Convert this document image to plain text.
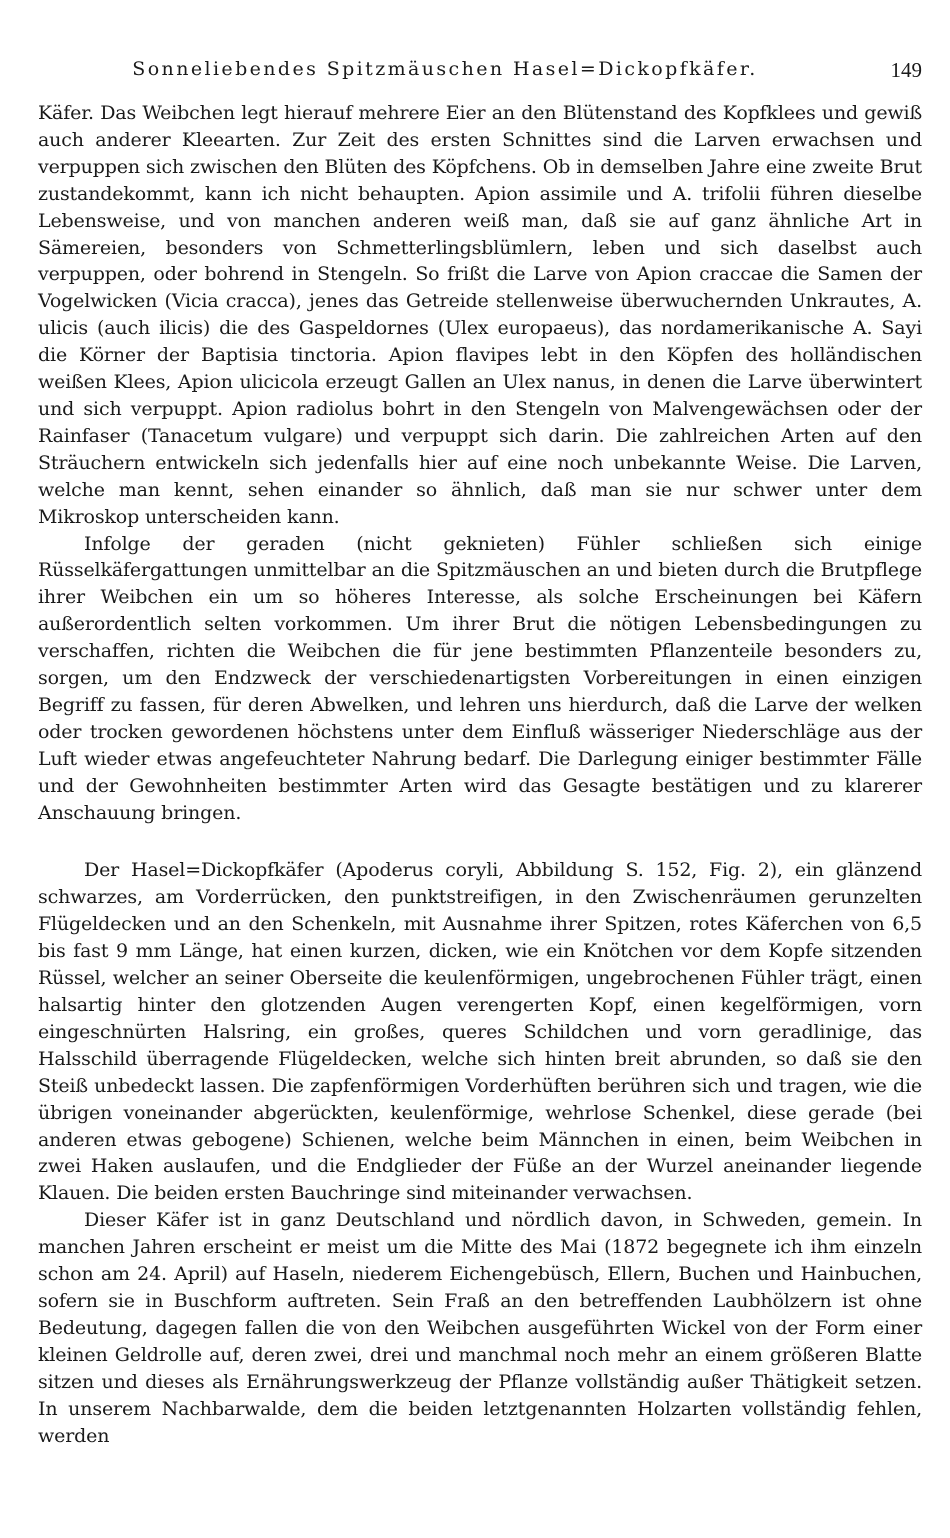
Sonneliebendes Spitzmäuschen Hasel=Dickopfkäfer.	149

Käfer. Das Weibchen legt hierauf mehrere Eier an den Blütenstand des Kopfklees und gewiß auch anderer Kleearten. Zur Zeit des ersten Schnittes sind die Larven erwachsen und verpuppen sich zwischen den Blüten des Köpfchens. Ob in demselben Jahre eine zweite Brut zustandekommt, kann ich nicht behaupten. Apion assimile und A. trifolii führen dieselbe Lebensweise, und von manchen anderen weiß man, daß sie auf ganz ähnliche Art in Sämereien, besonders von Schmetterlingsblümlern, leben und sich daselbst auch verpuppen, oder bohrend in Stengeln. So frißt die Larve von Apion craccae die Samen der Vogelwicken (Vicia cracca), jenes das Getreide stellenweise überwuchernden Unkrautes, A. ulicis (auch ilicis) die des Gaspeldornes (Ulex europaeus), das nordamerikanische A. Sayi die Körner der Baptisia tinctoria. Apion flavipes lebt in den Köpfen des holländischen weißen Klees, Apion ulicicola erzeugt Gallen an Ulex nanus, in denen die Larve überwintert und sich verpuppt. Apion radiolus bohrt in den Stengeln von Malvengewächsen oder der Rainfaser (Tanacetum vulgare) und verpuppt sich darin. Die zahlreichen Arten auf den Sträuchern entwickeln sich jedenfalls hier auf eine noch unbekannte Weise. Die Larven, welche man kennt, sehen einander so ähnlich, daß man sie nur schwer unter dem Mikroskop unterscheiden kann.

Infolge der geraden (nicht geknieten) Fühler schließen sich einige Rüsselkäfergattungen unmittelbar an die Spitzmäuschen an und bieten durch die Brutpflege ihrer Weibchen ein um so höheres Interesse, als solche Erscheinungen bei Käfern außerordentlich selten vorkommen. Um ihrer Brut die nötigen Lebensbedingungen zu verschaffen, richten die Weibchen die für jene bestimmten Pflanzenteile besonders zu, sorgen, um den Endzweck der verschiedenartigsten Vorbereitungen in einen einzigen Begriff zu fassen, für deren Abwelken, und lehren uns hierdurch, daß die Larve der welken oder trocken gewordenen höchstens unter dem Einfluß wässeriger Niederschläge aus der Luft wieder etwas angefeuchteter Nahrung bedarf. Die Darlegung einiger bestimmter Fälle und der Gewohnheiten bestimmter Arten wird das Gesagte bestätigen und zu klarerer Anschauung bringen.

Der Hasel=Dickopfkäfer (Apoderus coryli, Abbildung S. 152, Fig. 2), ein glänzend schwarzes, am Vorderrücken, den punktstreifigen, in den Zwischenräumen gerunzelten Flügeldecken und an den Schenkeln, mit Ausnahme ihrer Spitzen, rotes Käferchen von 6,5 bis fast 9 mm Länge, hat einen kurzen, dicken, wie ein Knötchen vor dem Kopfe sitzenden Rüssel, welcher an seiner Oberseite die keulenförmigen, ungebrochenen Fühler trägt, einen halsartig hinter den glotzenden Augen verengerten Kopf, einen kegelförmigen, vorn eingeschnürten Halsring, ein großes, queres Schildchen und vorn geradlinige, das Halsschild überragende Flügeldecken, welche sich hinten breit abrunden, so daß sie den Steiß unbedeckt lassen. Die zapfenförmigen Vorderhüften berühren sich und tragen, wie die übrigen voneinander abgerückten, keulenförmige, wehrlose Schenkel, diese gerade (bei anderen etwas gebogene) Schienen, welche beim Männchen in einen, beim Weibchen in zwei Haken auslaufen, und die Endglieder der Füße an der Wurzel aneinander liegende Klauen. Die beiden ersten Bauchringe sind miteinander verwachsen.

Dieser Käfer ist in ganz Deutschland und nördlich davon, in Schweden, gemein. In manchen Jahren erscheint er meist um die Mitte des Mai (1872 begegnete ich ihm einzeln schon am 24. April) auf Haseln, niederem Eichengebüsch, Ellern, Buchen und Hainbuchen, sofern sie in Buschform auftreten. Sein Fraß an den betreffenden Laubhölzern ist ohne Bedeutung, dagegen fallen die von den Weibchen ausgeführten Wickel von der Form einer kleinen Geldrolle auf, deren zwei, drei und manchmal noch mehr an einem größeren Blatte sitzen und dieses als Ernährungswerkzeug der Pflanze vollständig außer Thätigkeit setzen. In unserem Nachbarwalde, dem die beiden letztgenannten Holzarten vollständig fehlen, werden
